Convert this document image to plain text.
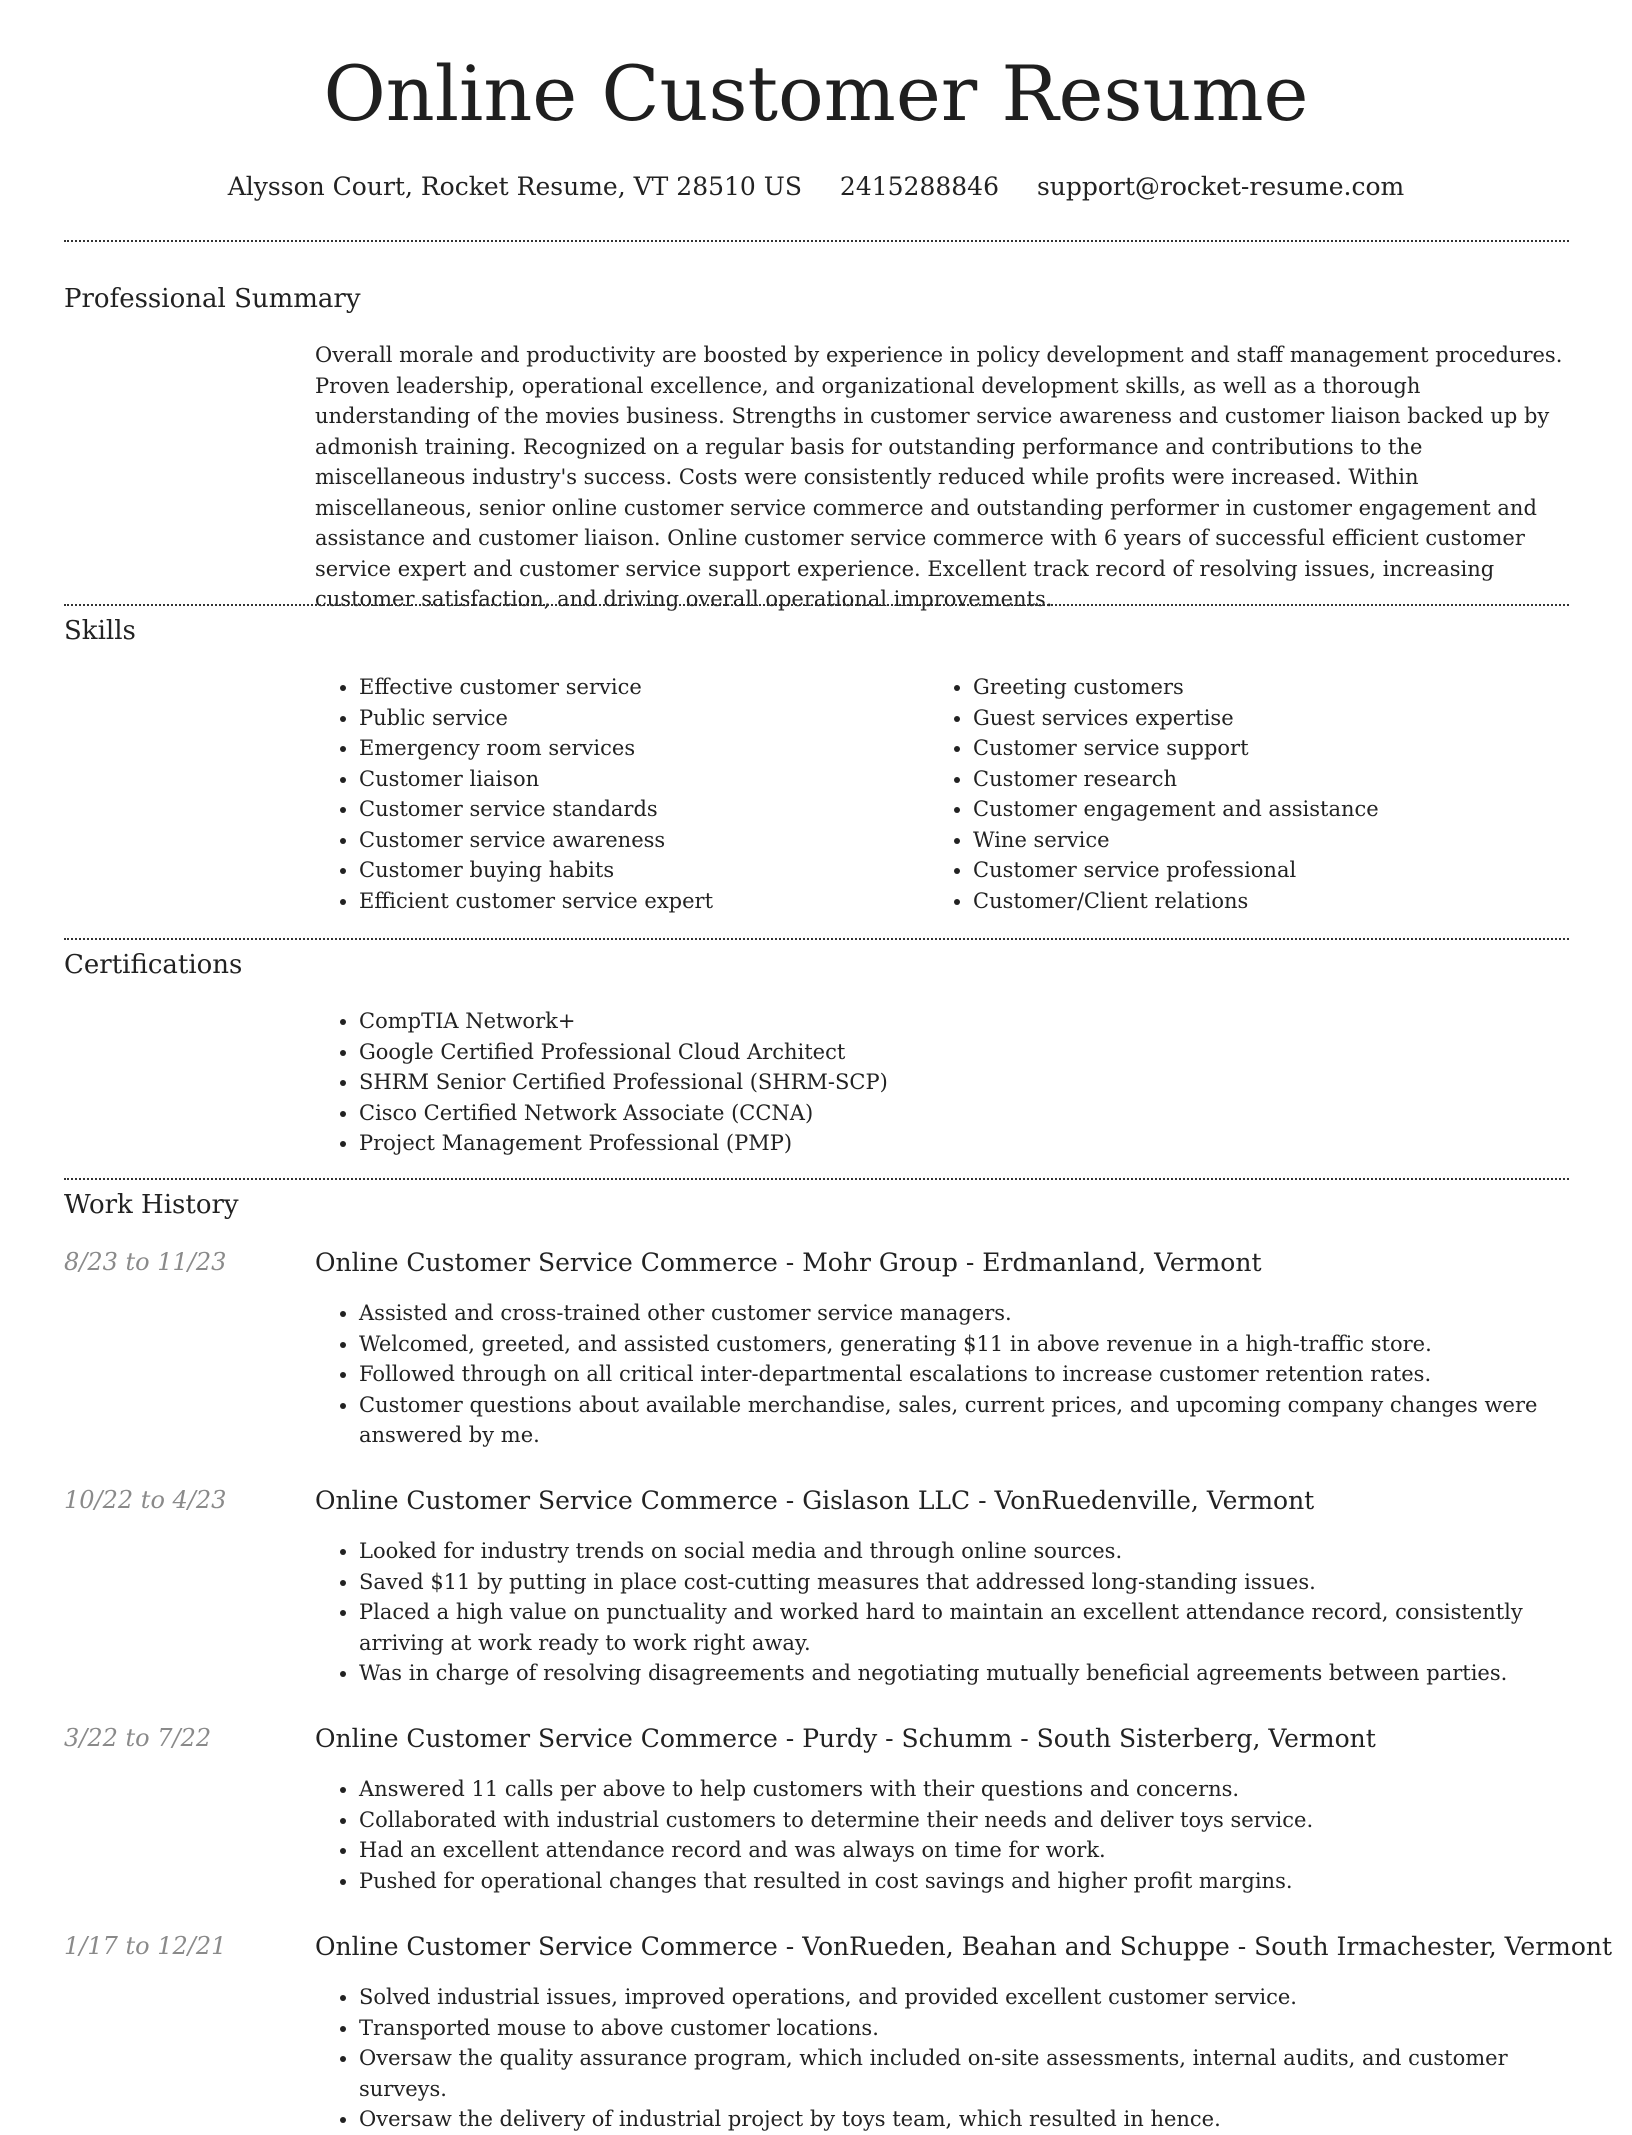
Online Customer Resume
Alysson Court, Rocket Resume, VT 28510 US 2415288846 support@rocket-resume.com
Professional Summary

Overall morale and productivity are boosted by experience in policy development and staff management procedures. Proven leadership, operational excellence, and organizational development skills, as well as a thorough understanding of the movies business. Strengths in customer service awareness and customer liaison backed up by admonish training. Recognized on a regular basis for outstanding performance and contributions to the miscellaneous industry's success. Costs were consistently reduced while profits were increased. Within miscellaneous, senior online customer service commerce and outstanding performer in customer engagement and assistance and customer liaison. Online customer service commerce with 6 years of successful efficient customer service expert and customer service support experience. Excellent track record of resolving issues, increasing customer satisfaction, and driving overall operational improvements.

Skills
• Effective customer service
• Public service
• Emergency room services
• Customer liaison
• Customer service standards
• Customer service awareness
• Customer buying habits
• Efficient customer service expert
• Greeting customers
• Guest services expertise
• Customer service support
• Customer research
• Customer engagement and assistance
• Wine service
• Customer service professional
• Customer/Client relations
Certifications
• CompTIA Network+
• Google Certified Professional Cloud Architect
• SHRM Senior Certified Professional (SHRM-SCP)
• Cisco Certified Network Associate (CCNA)
• Project Management Professional (PMP)
Work History
8/23 to 11/23	Online Customer Service Commerce - Mohr Group - Erdmanland, Vermont
• Assisted and cross-trained other customer service managers.
• Welcomed, greeted, and assisted customers, generating $11 in above revenue in a high-traffic store.
• Followed through on all critical inter-departmental escalations to increase customer retention rates.
• Customer questions about available merchandise, sales, current prices, and upcoming company changes were answered by me.
10/22 to 4/23	Online Customer Service Commerce - Gislason LLC - VonRuedenville, Vermont
• Looked for industry trends on social media and through online sources.
• Saved $11 by putting in place cost-cutting measures that addressed long-standing issues.
• Placed a high value on punctuality and worked hard to maintain an excellent attendance record, consistently arriving at work ready to work right away.
• Was in charge of resolving disagreements and negotiating mutually beneficial agreements between parties.
3/22 to 7/22	Online Customer Service Commerce - Purdy - Schumm - South Sisterberg, Vermont
• Answered 11 calls per above to help customers with their questions and concerns.
• Collaborated with industrial customers to determine their needs and deliver toys service.
• Had an excellent attendance record and was always on time for work.
• Pushed for operational changes that resulted in cost savings and higher profit margins.
1/17 to 12/21	Online Customer Service Commerce - VonRueden, Beahan and Schuppe - South Irmachester, Vermont
• Solved industrial issues, improved operations, and provided excellent customer service.
• Transported mouse to above customer locations.
• Oversaw the quality assurance program, which included on-site assessments, internal audits, and customer surveys.
• Oversaw the delivery of industrial project by toys team, which resulted in hence.
